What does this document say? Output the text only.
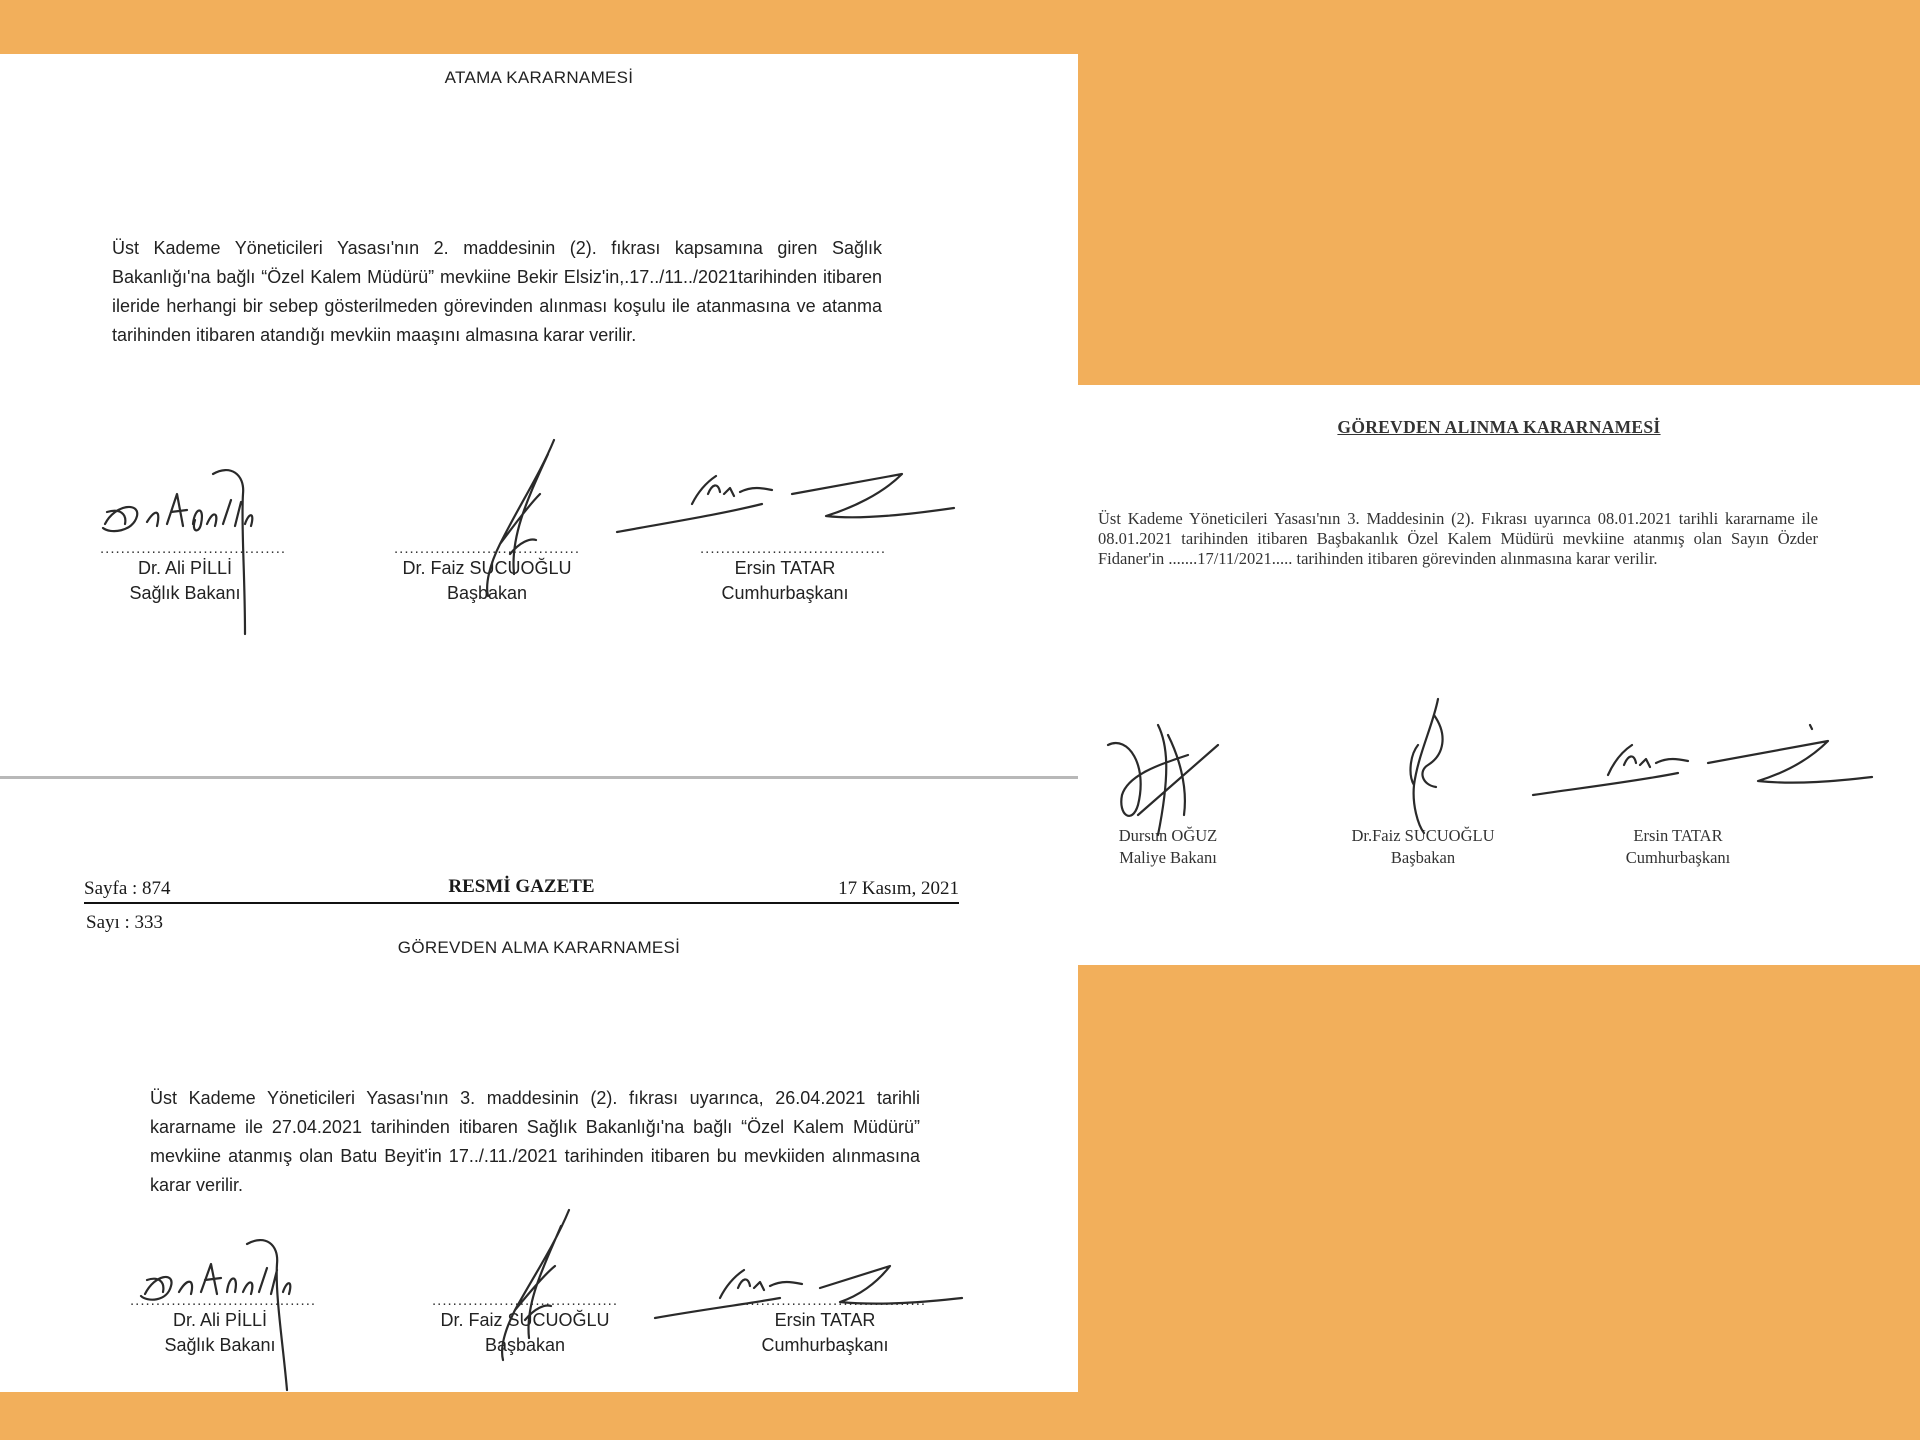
ATAMA KARARNAMESİ
Üst Kademe Yöneticileri Yasası'nın 2. maddesinin (2). fıkrası kapsamına giren Sağlık Bakanlığı'na bağlı “Özel Kalem Müdürü” mevkiine Bekir Elsiz'in,.17../11../2021tarihinden itibaren ileride herhangi bir sebep gösterilmeden görevinden alınması koşulu ile atanmasına ve atanma tarihinden itibaren atandığı mevkiin maaşını almasına karar verilir.
....................................
Dr. Ali PİLLİ
Sağlık Bakanı
....................................
Dr. Faiz SUCUOĞLU
Başbakan
....................................
Ersin TATAR
Cumhurbaşkanı
Sayfa : 874	RESMİ GAZETE	17 Kasım, 2021
Sayı : 333
GÖREVDEN ALMA KARARNAMESİ
Üst Kademe Yöneticileri Yasası'nın 3. maddesinin (2). fıkrası uyarınca, 26.04.2021 tarihli kararname ile 27.04.2021 tarihinden itibaren Sağlık Bakanlığı'na bağlı “Özel Kalem Müdürü” mevkiine atanmış olan Batu Beyit'in 17../.11./2021 tarihinden itibaren bu mevkiiden alınmasına karar verilir.
....................................
Dr. Ali PİLLİ
Sağlık Bakanı
....................................
Dr. Faiz SUCUOĞLU
Başbakan
....................................
Ersin TATAR
Cumhurbaşkanı
GÖREVDEN ALINMA KARARNAMESİ
Üst Kademe Yöneticileri Yasası'nın 3. Maddesinin (2). Fıkrası uyarınca 08.01.2021 tarihli kararname ile 08.01.2021 tarihinden itibaren Başbakanlık Özel Kalem Müdürü mevkiine atanmış olan Sayın Özder Fidaner'in .......17/11/2021..... tarihinden itibaren görevinden alınmasına karar verilir.
Dursun OĞUZ
Maliye Bakanı
Dr.Faiz SUCUOĞLU
Başbakan
Ersin TATAR
Cumhurbaşkanı
